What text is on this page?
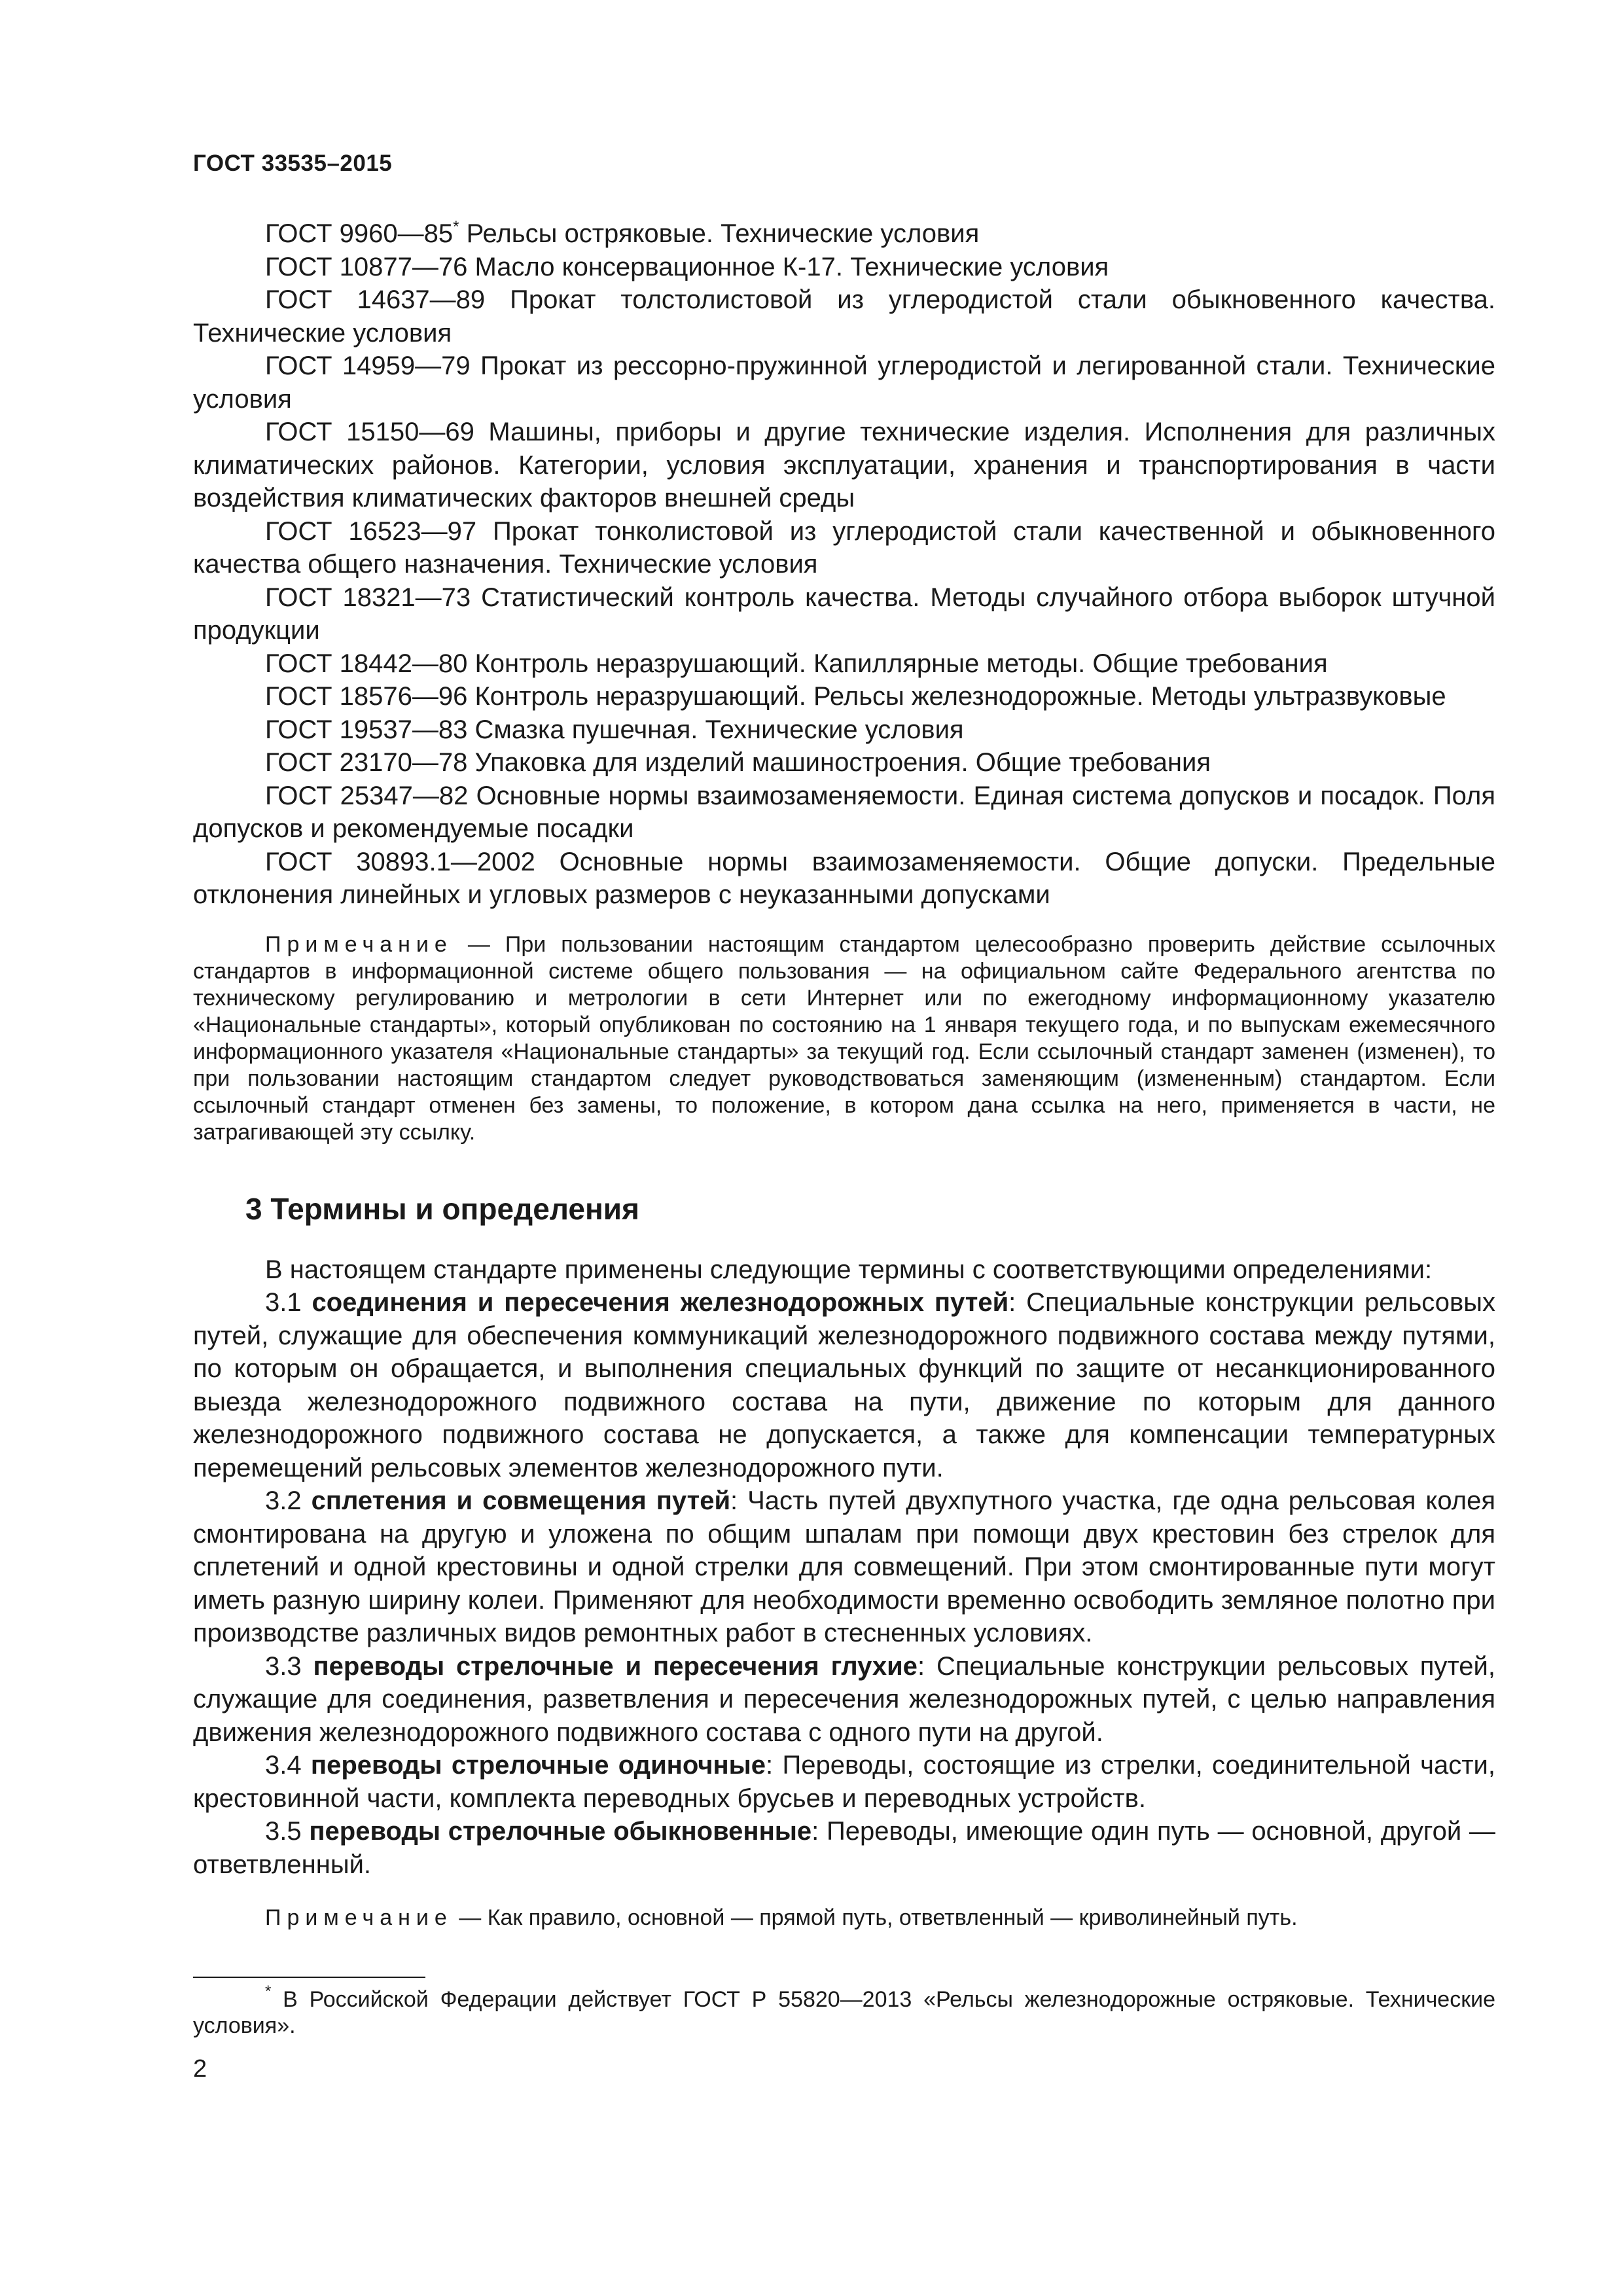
ГОСТ 33535–2015

ГОСТ 9960—85* Рельсы остряковые. Технические условия

ГОСТ 10877—76 Масло консервационное К-17. Технические условия

ГОСТ 14637—89 Прокат толстолистовой из углеродистой стали обыкновенного качества. Технические условия

ГОСТ 14959—79 Прокат из рессорно-пружинной углеродистой и легированной стали. Технические условия

ГОСТ 15150—69 Машины, приборы и другие технические изделия. Исполнения для различных климатических районов. Категории, условия эксплуатации, хранения и транспортирования в части воздействия климатических факторов внешней среды

ГОСТ 16523—97 Прокат тонколистовой из углеродистой стали качественной и обыкновенного качества общего назначения. Технические условия

ГОСТ 18321—73 Статистический контроль качества. Методы случайного отбора выборок штучной продукции

ГОСТ 18442—80 Контроль неразрушающий. Капиллярные методы. Общие требования

ГОСТ 18576—96 Контроль неразрушающий. Рельсы железнодорожные. Методы ультразвуковые

ГОСТ 19537—83 Смазка пушечная. Технические условия

ГОСТ 23170—78 Упаковка для изделий машиностроения. Общие требования

ГОСТ 25347—82 Основные нормы взаимозаменяемости. Единая система допусков и посадок. Поля допусков и рекомендуемые посадки

ГОСТ 30893.1—2002 Основные нормы взаимозаменяемости. Общие допуски. Предельные отклонения линейных и угловых размеров с неуказанными допусками

Примечание — При пользовании настоящим стандартом целесообразно проверить действие ссылочных стандартов в информационной системе общего пользования — на официальном сайте Федерального агентства по техническому регулированию и метрологии в сети Интернет или по ежегодному информационному указателю «Национальные стандарты», который опубликован по состоянию на 1 января текущего года, и по выпускам ежемесячного информационного указателя «Национальные стандарты» за текущий год. Если ссылочный стандарт заменен (изменен), то при пользовании настоящим стандартом следует руководствоваться заменяющим (измененным) стандартом. Если ссылочный стандарт отменен без замены, то положение, в котором дана ссылка на него, применяется в части, не затрагивающей эту ссылку.

3 Термины и определения

В настоящем стандарте применены следующие термины с соответствующими определениями:

3.1 соединения и пересечения железнодорожных путей: Специальные конструкции рельсовых путей, служащие для обеспечения коммуникаций железнодорожного подвижного состава между путями, по которым он обращается, и выполнения специальных функций по защите от несанкционированного выезда железнодорожного подвижного состава на пути, движение по которым для данного железнодорожного подвижного состава не допускается, а также для компенсации температурных перемещений рельсовых элементов железнодорожного пути.

3.2 сплетения и совмещения путей: Часть путей двухпутного участка, где одна рельсовая колея смонтирована на другую и уложена по общим шпалам при помощи двух крестовин без стрелок для сплетений и одной крестовины и одной стрелки для совмещений. При этом смонтированные пути могут иметь разную ширину колеи. Применяют для необходимости временно освободить земляное полотно при производстве различных видов ремонтных работ в стесненных условиях.

3.3 переводы стрелочные и пересечения глухие: Специальные конструкции рельсовых путей, служащие для соединения, разветвления и пересечения железнодорожных путей, с целью направления движения железнодорожного подвижного состава с одного пути на другой.

3.4 переводы стрелочные одиночные: Переводы, состоящие из стрелки, соединительной части, крестовинной части, комплекта переводных брусьев и переводных устройств.

3.5 переводы стрелочные обыкновенные: Переводы, имеющие один путь — основной, другой — ответвленный.

Примечание — Как правило, основной — прямой путь, ответвленный — криволинейный путь.

* В Российской Федерации действует ГОСТ Р 55820—2013 «Рельсы железнодорожные остряковые. Технические условия».

2
